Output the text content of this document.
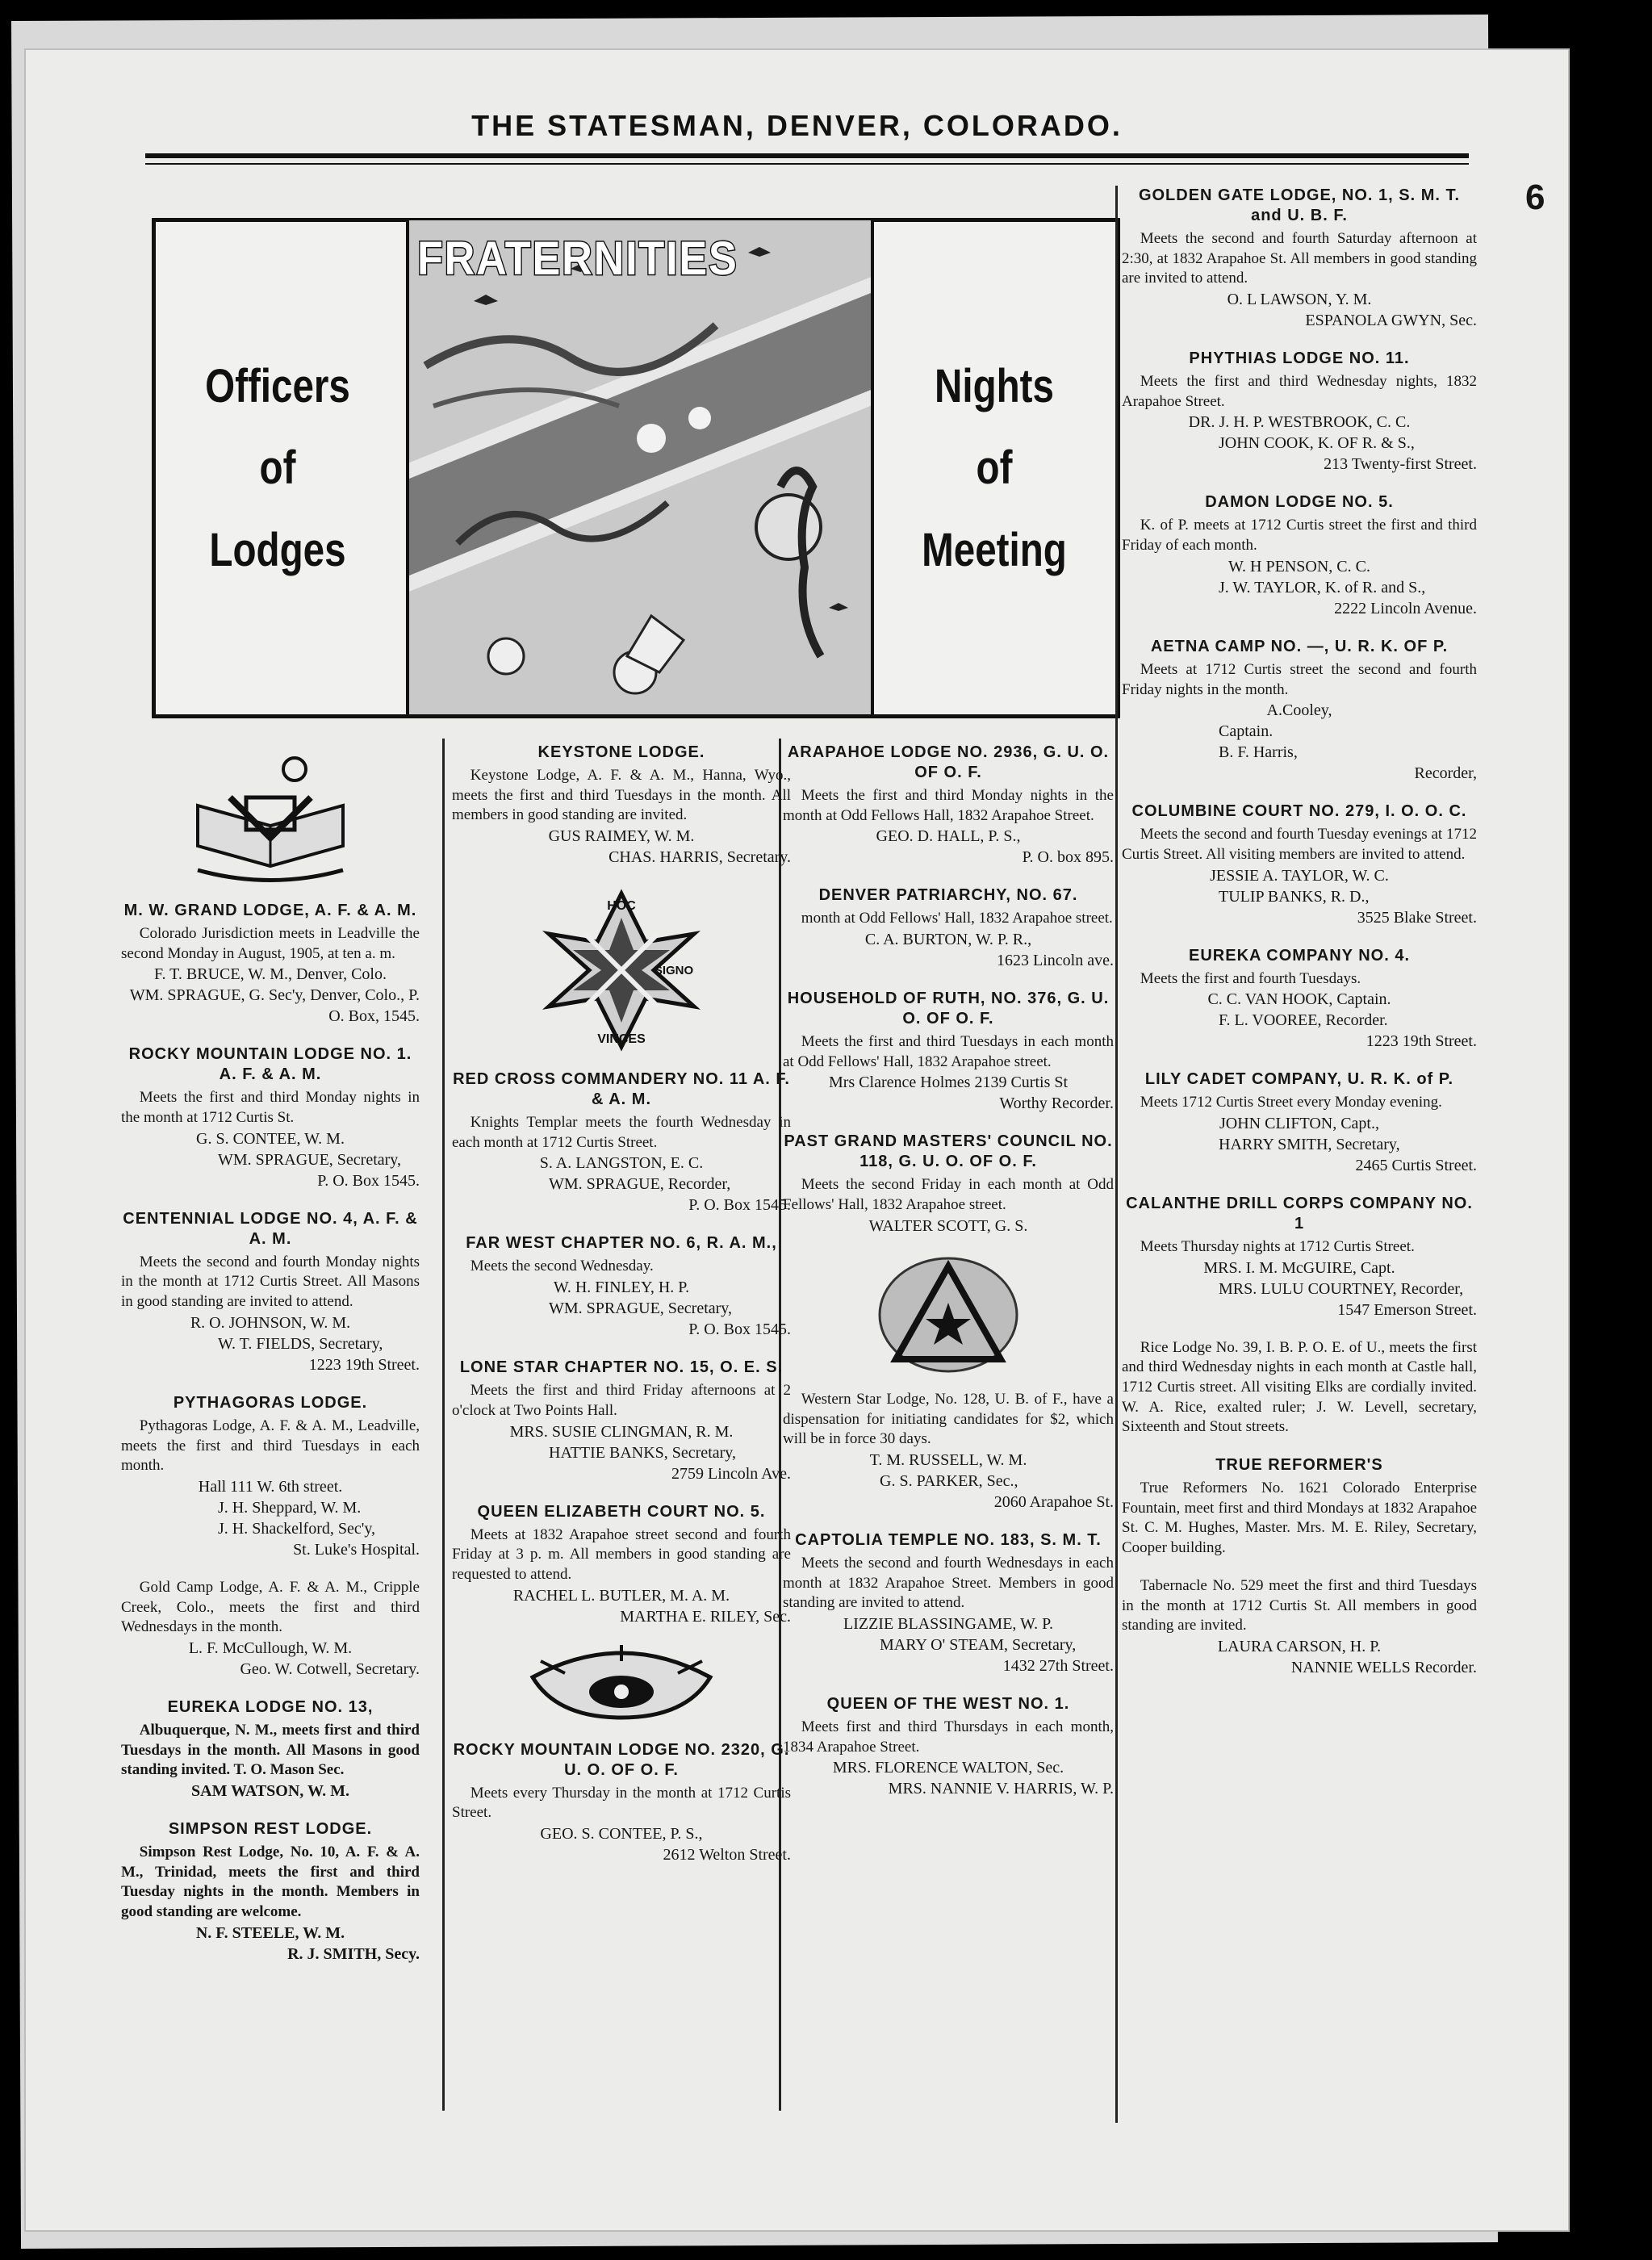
THE STATESMAN, DENVER, COLORADO.
6
Officers
of
Lodges
FRATERNITIES
Nights
of
Meeting
M. W. GRAND LODGE, A. F. & A. M.

Colorado Jurisdiction meets in Leadville the second Monday in August, 1905, at ten a. m.

F. T. BRUCE, W. M., Denver, Colo.
WM. SPRAGUE, G. Sec'y, Denver, Colo., P. O. Box, 1545.
ROCKY MOUNTAIN LODGE NO. 1. A. F. & A. M.

Meets the first and third Monday nights in the month at 1712 Curtis St.

G. S. CONTEE, W. M.
WM. SPRAGUE, Secretary,
P. O. Box 1545.
CENTENNIAL LODGE NO. 4, A. F. & A. M.

Meets the second and fourth Monday nights in the month at 1712 Curtis Street. All Masons in good standing are invited to attend.

R. O. JOHNSON, W. M.
W. T. FIELDS, Secretary,
1223 19th Street.
PYTHAGORAS LODGE.

Pythagoras Lodge, A. F. & A. M., Leadville, meets the first and third Tuesdays in each month.

Hall 111 W. 6th street.
J. H. Sheppard, W. M.
J. H. Shackelford, Sec'y,
St. Luke's Hospital.

Gold Camp Lodge, A. F. & A. M., Cripple Creek, Colo., meets the first and third Wednesdays in the month.

L. F. McCullough, W. M.
Geo. W. Cotwell, Secretary.
EUREKA LODGE NO. 13,

Albuquerque, N. M., meets first and third Tuesdays in the month. All Masons in good standing invited. T. O. Mason Sec.

SAM WATSON, W. M.
SIMPSON REST LODGE.

Simpson Rest Lodge, No. 10, A. F. & A. M., Trinidad, meets the first and third Tuesday nights in the month. Members in good standing are welcome.

N. F. STEELE, W. M.
R. J. SMITH, Secy.
KEYSTONE LODGE.

Keystone Lodge, A. F. & A. M., Hanna, Wyo., meets the first and third Tuesdays in the month. All members in good standing are invited.

GUS RAIMEY, W. M.
CHAS. HARRIS, Secretary.
HOC
SIGNO
VINCES
RED CROSS COMMANDERY NO. 11 A. F. & A. M.

Knights Templar meets the fourth Wednesday in each month at 1712 Curtis Street.

S. A. LANGSTON, E. C.
WM. SPRAGUE, Recorder,
P. O. Box 1545.
FAR WEST CHAPTER NO. 6, R. A. M.,

Meets the second Wednesday.

W. H. FINLEY, H. P.
WM. SPRAGUE, Secretary,
P. O. Box 1545.
LONE STAR CHAPTER NO. 15, O. E. S.

Meets the first and third Friday afternoons at 2 o'clock at Two Points Hall.

MRS. SUSIE CLINGMAN, R. M.
HATTIE BANKS, Secretary,
2759 Lincoln Ave.
QUEEN ELIZABETH COURT NO. 5.

Meets at 1832 Arapahoe street second and fourth Friday at 3 p. m. All members in good standing are requested to attend.

RACHEL L. BUTLER, M. A. M.
MARTHA E. RILEY, Sec.
ROCKY MOUNTAIN LODGE NO. 2320, G. U. O. OF O. F.

Meets every Thursday in the month at 1712 Curtis Street.

GEO. S. CONTEE, P. S.,
2612 Welton Street.
ARAPAHOE LODGE NO. 2936, G. U. O. OF O. F.

Meets the first and third Monday nights in the month at Odd Fellows Hall, 1832 Arapahoe Street.

GEO. D. HALL, P. S.,
P. O. box 895.
DENVER PATRIARCHY, NO. 67.

month at Odd Fellows' Hall, 1832 Arapahoe street.

C. A. BURTON, W. P. R.,
1623 Lincoln ave.
HOUSEHOLD OF RUTH, NO. 376, G. U. O. OF O. F.

Meets the first and third Tuesdays in each month at Odd Fellows' Hall, 1832 Arapahoe street.

Mrs Clarence Holmes 2139 Curtis St
Worthy Recorder.
PAST GRAND MASTERS' COUNCIL NO. 118, G. U. O. OF O. F.

Meets the second Friday in each month at Odd Fellows' Hall, 1832 Arapahoe street.

WALTER SCOTT, G. S.

Western Star Lodge, No. 128, U. B. of F., have a dispensation for initiating candidates for $2, which will be in force 30 days.

T. M. RUSSELL, W. M.
G. S. PARKER, Sec.,
2060 Arapahoe St.
CAPTOLIA TEMPLE NO. 183, S. M. T.

Meets the second and fourth Wednesdays in each month at 1832 Arapahoe Street. Members in good standing are invited to attend.

LIZZIE BLASSINGAME, W. P.
MARY O' STEAM, Secretary,
1432 27th Street.
QUEEN OF THE WEST NO. 1.

Meets first and third Thursdays in each month, 1834 Arapahoe Street.

MRS. FLORENCE WALTON, Sec.
MRS. NANNIE V. HARRIS, W. P.
GOLDEN GATE LODGE, NO. 1, S. M. T. and U. B. F.

Meets the second and fourth Saturday afternoon at 2:30, at 1832 Arapahoe St. All members in good standing are invited to attend.

O. L LAWSON, Y. M.
ESPANOLA GWYN, Sec.
PHYTHIAS LODGE NO. 11.

Meets the first and third Wednesday nights, 1832 Arapahoe Street.

DR. J. H. P. WESTBROOK, C. C.
JOHN COOK, K. OF R. & S.,
213 Twenty-first Street.
DAMON LODGE NO. 5.

K. of P. meets at 1712 Curtis street the first and third Friday of each month.

W. H PENSON, C. C.
J. W. TAYLOR, K. of R. and S.,
2222 Lincoln Avenue.
AETNA CAMP NO. —, U. R. K. OF P.

Meets at 1712 Curtis street the second and fourth Friday nights in the month.

A.Cooley,
Captain.
B. F. Harris,
Recorder,
COLUMBINE COURT NO. 279, I. O. O. C.

Meets the second and fourth Tuesday evenings at 1712 Curtis Street. All visiting members are invited to attend.

JESSIE A. TAYLOR, W. C.
TULIP BANKS, R. D.,
3525 Blake Street.
EUREKA COMPANY NO. 4.

Meets the first and fourth Tuesdays.

C. C. VAN HOOK, Captain.
F. L. VOOREE, Recorder.
1223 19th Street.
LILY CADET COMPANY, U. R. K. of P.

Meets 1712 Curtis Street every Monday evening.

JOHN CLIFTON, Capt.,
HARRY SMITH, Secretary,
2465 Curtis Street.
CALANTHE DRILL CORPS COMPANY NO. 1

Meets Thursday nights at 1712 Curtis Street.

MRS. I. M. McGUIRE, Capt.
MRS. LULU COURTNEY, Recorder,
1547 Emerson Street.

Rice Lodge No. 39, I. B. P. O. E. of U., meets the first and third Wednesday nights in each month at Castle hall, 1712 Curtis street. All visiting Elks are cordially invited. W. A. Rice, exalted ruler; J. W. Levell, secretary, Sixteenth and Stout streets.

TRUE REFORMER'S

True Reformers No. 1621 Colorado Enterprise Fountain, meet first and third Mondays at 1832 Arapahoe St. C. M. Hughes, Master. Mrs. M. E. Riley, Secretary, Cooper building.

Tabernacle No. 529 meet the first and third Tuesdays in the month at 1712 Curtis St. All members in good standing are invited.

LAURA CARSON, H. P.
NANNIE WELLS Recorder.
